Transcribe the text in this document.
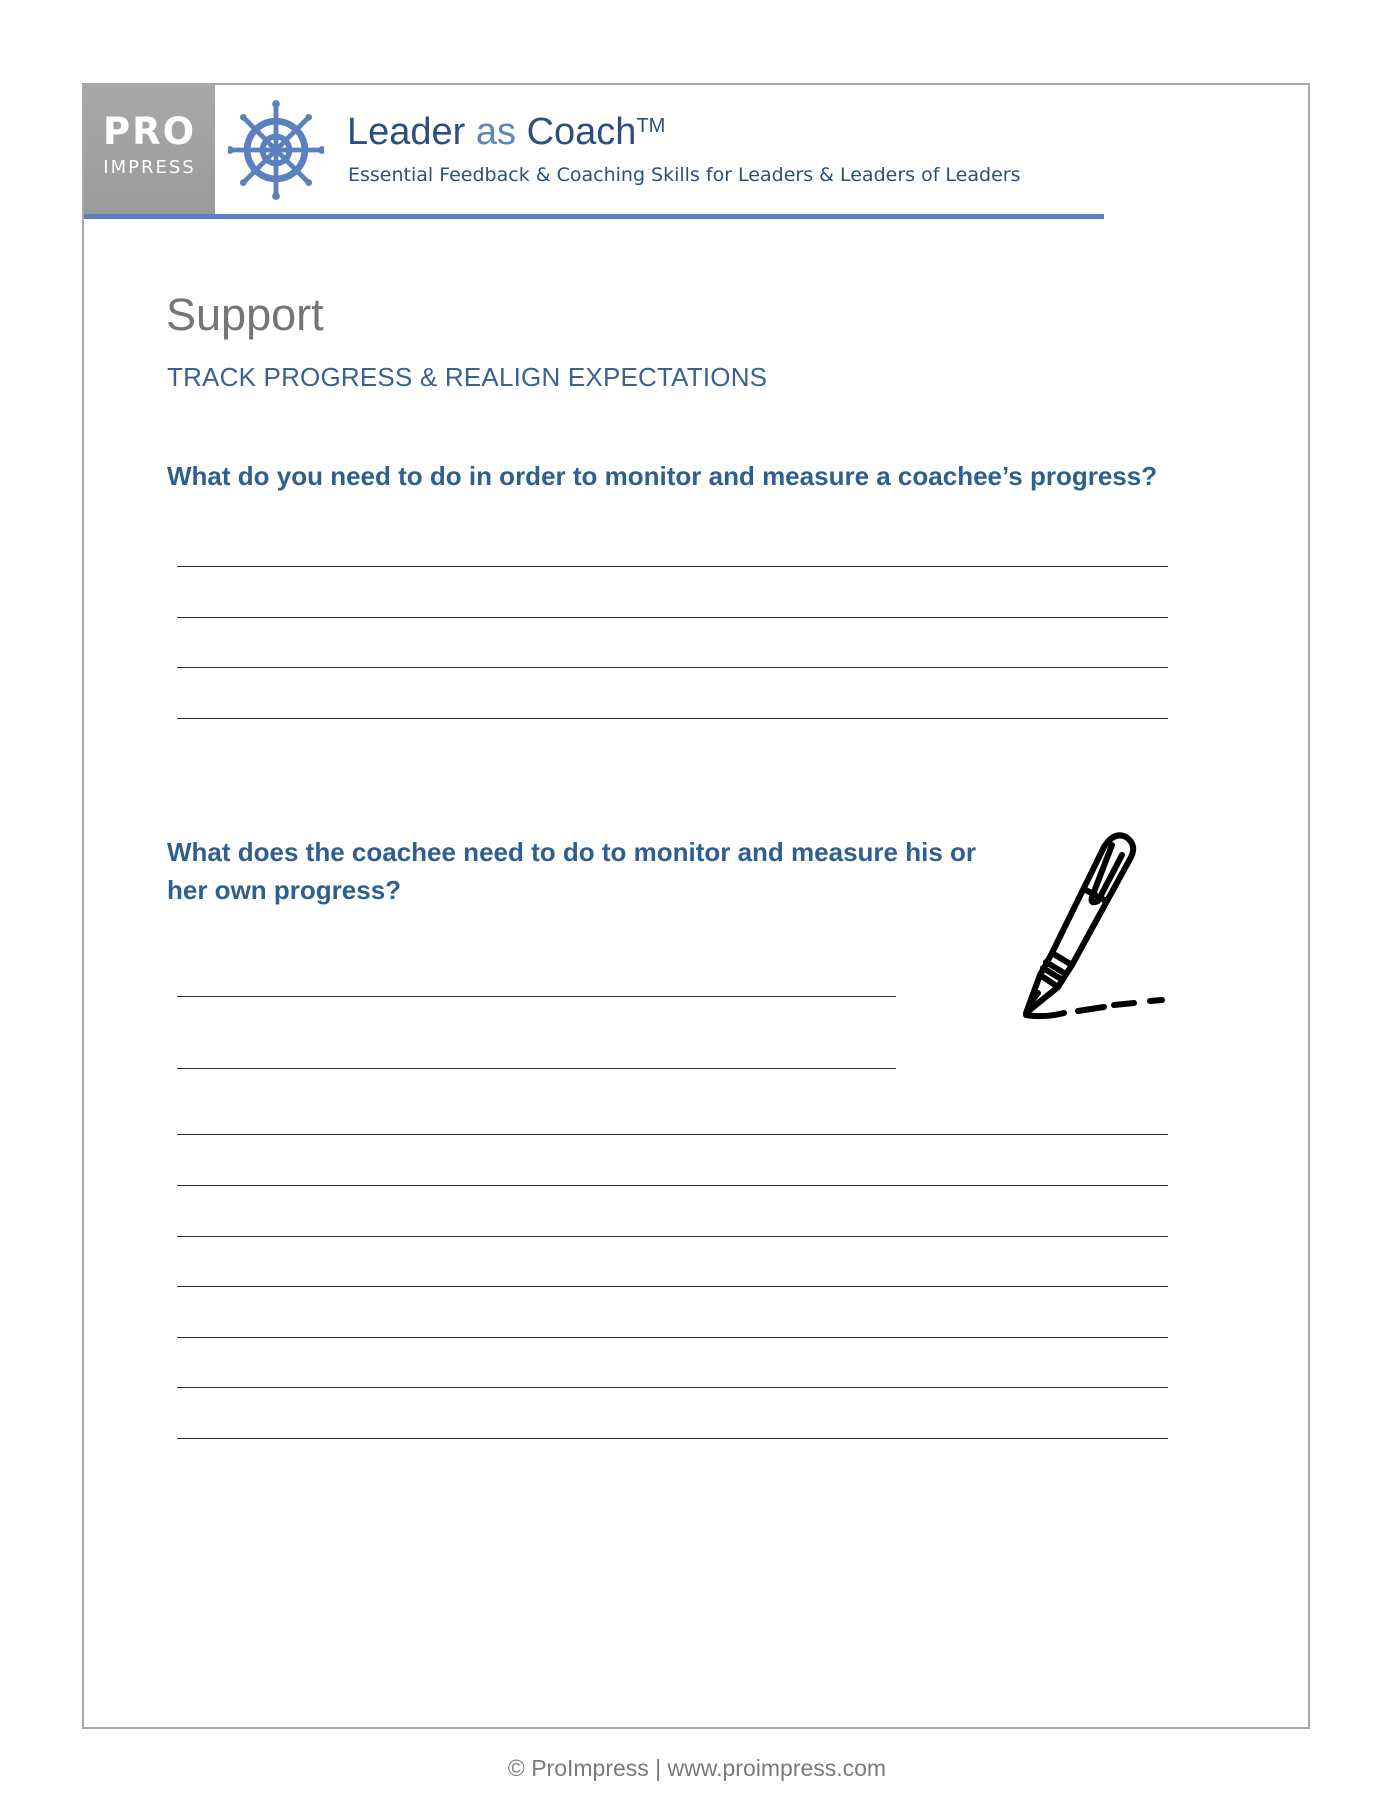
PRO
IMPRESS
Leader as Coach™
Essential Feedback & Coaching Skills for Leaders & Leaders of Leaders
Support
TRACK PROGRESS & REALIGN EXPECTATIONS
What do you need to do in order to monitor and measure a coachee’s progress?
What does the coachee need to do to monitor and measure his or her own progress?
© ProImpress | www.proimpress.com
